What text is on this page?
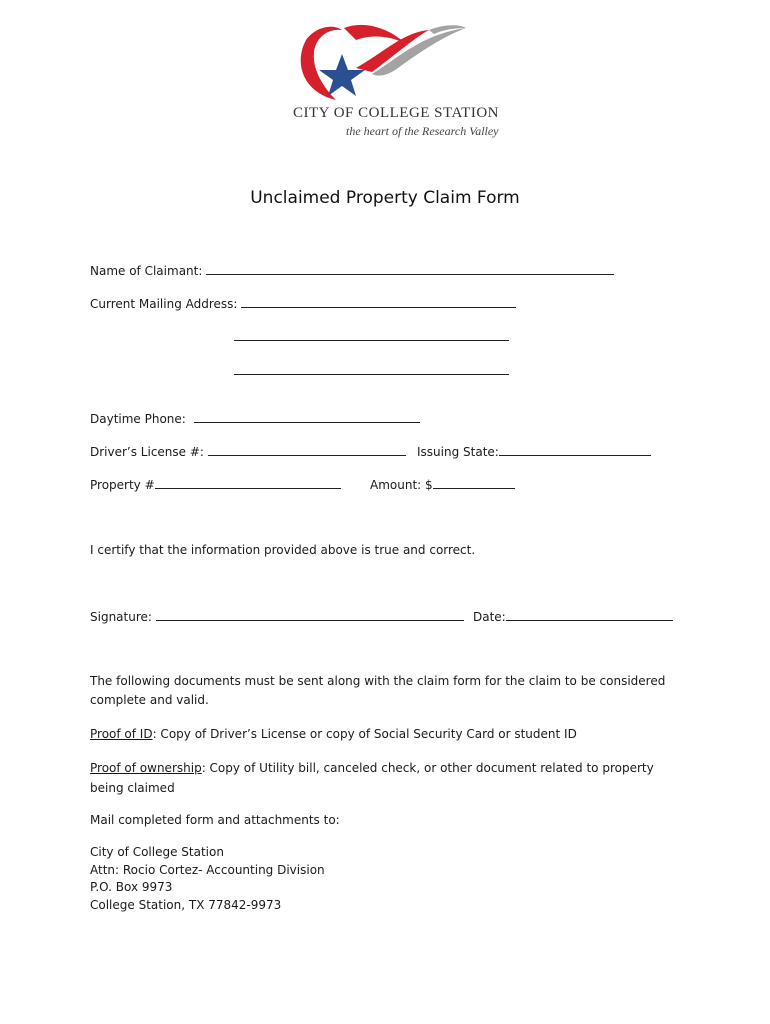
CITY OF COLLEGE STATION
the heart of the Research Valley
Unclaimed Property Claim Form
Name of Claimant:
Current Mailing Address:
Daytime Phone:
Driver’s License #:	Issuing State:
Property #	Amount: $
I certify that the information provided above is true and correct.
Signature:	Date:
The following documents must be sent along with the claim form for the claim to be considered complete and valid.
Proof of ID: Copy of Driver’s License or copy of Social Security Card or student ID
Proof of ownership: Copy of Utility bill, canceled check, or other document related to property being claimed
Mail completed form and attachments to:
City of College Station
Attn: Rocio Cortez- Accounting Division
P.O. Box 9973
College Station, TX 77842-9973
